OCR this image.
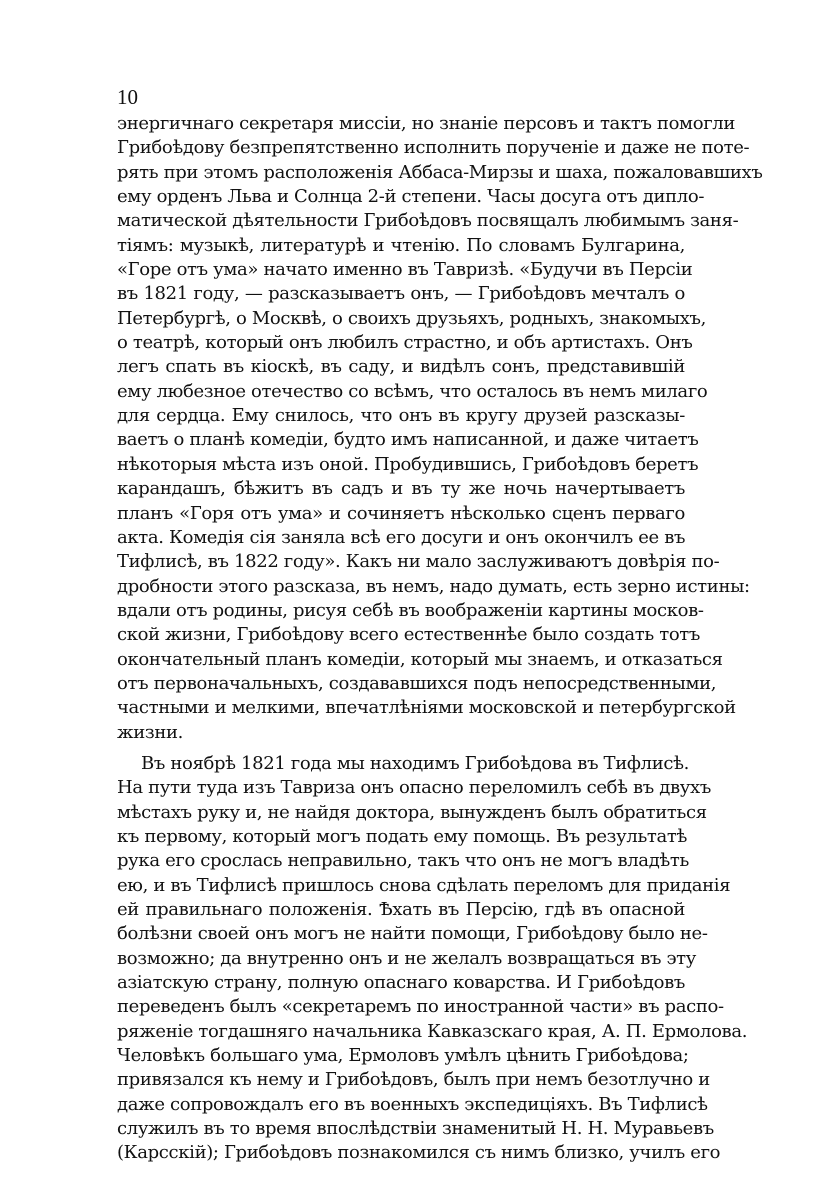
10
энергичнаго секретаря миссіи, но знаніе персовъ и тактъ помогли
Грибоѣдову безпрепятственно исполнить порученіе и даже не поте-
рять при этомъ расположенія Аббаса-Мирзы и шаха, пожаловавшихъ
ему орденъ Льва и Солнца 2-й степени. Часы досуга отъ дипло-
матической дѣятельности Грибоѣдовъ посвящалъ любимымъ заня-
тіямъ: музыкѣ, литературѣ и чтенію. По словамъ Булгарина,
«Горе отъ ума» начато именно въ Тавризѣ. «Будучи въ Персіи
въ 1821 году, — разсказываетъ онъ, — Грибоѣдовъ мечталъ о
Петербургѣ, о Москвѣ, о своихъ друзьяхъ, родныхъ, знакомыхъ,
о театрѣ, который онъ любилъ страстно, и объ артистахъ. Онъ
легъ спать въ кіоскѣ, въ саду, и видѣлъ сонъ, представившій
ему любезное отечество со всѣмъ, что осталось въ немъ милаго
для сердца. Ему снилось, что онъ въ кругу друзей разсказы-
ваетъ о планѣ комедіи, будто имъ написанной, и даже читаетъ
нѣкоторыя мѣста изъ оной. Пробудившись, Грибоѣдовъ беретъ
карандашъ, бѣжитъ въ садъ и въ ту же ночь начертываетъ
планъ «Горя отъ ума» и сочиняетъ нѣсколько сценъ перваго
акта. Комедія сія заняла всѣ его досуги и онъ окончилъ ее въ
Тифлисѣ, въ 1822 году». Какъ ни мало заслуживаютъ довѣрія по-
дробности этого разсказа, въ немъ, надо думать, есть зерно истины:
вдали отъ родины, рисуя себѣ въ воображеніи картины москов-
ской жизни, Грибоѣдову всего естественнѣе было создать тотъ
окончательный планъ комедіи, который мы знаемъ, и отказаться
отъ первоначальныхъ, создававшихся подъ непосредственными,
частными и мелкими, впечатлѣніями московской и петербургской
жизни.
Въ ноябрѣ 1821 года мы находимъ Грибоѣдова въ Тифлисѣ.
На пути туда изъ Тавриза онъ опасно переломилъ себѣ въ двухъ
мѣстахъ руку и, не найдя доктора, вынужденъ былъ обратиться
къ первому, который могъ подать ему помощь. Въ результатѣ
рука его срослась неправильно, такъ что онъ не могъ владѣть
ею, и въ Тифлисѣ пришлось снова сдѣлать переломъ для приданія
ей правильнаго положенія. Ѣхать въ Персію, гдѣ въ опасной
болѣзни своей онъ могъ не найти помощи, Грибоѣдову было не-
возможно; да внутренно онъ и не желалъ возвращаться въ эту
азіатскую страну, полную опаснаго коварства. И Грибоѣдовъ
переведенъ былъ «секретаремъ по иностранной части» въ распо-
ряженіе тогдашняго начальника Кавказскаго края, А. П. Ермолова.
Человѣкъ большаго ума, Ермоловъ умѣлъ цѣнить Грибоѣдова;
привязался къ нему и Грибоѣдовъ, былъ при немъ безотлучно и
даже сопровождалъ его въ военныхъ экспедиціяхъ. Въ Тифлисѣ
служилъ въ то время впослѣдствіи знаменитый Н. Н. Муравьевъ
(Карсскій); Грибоѣдовъ познакомился съ нимъ близко, училъ его
